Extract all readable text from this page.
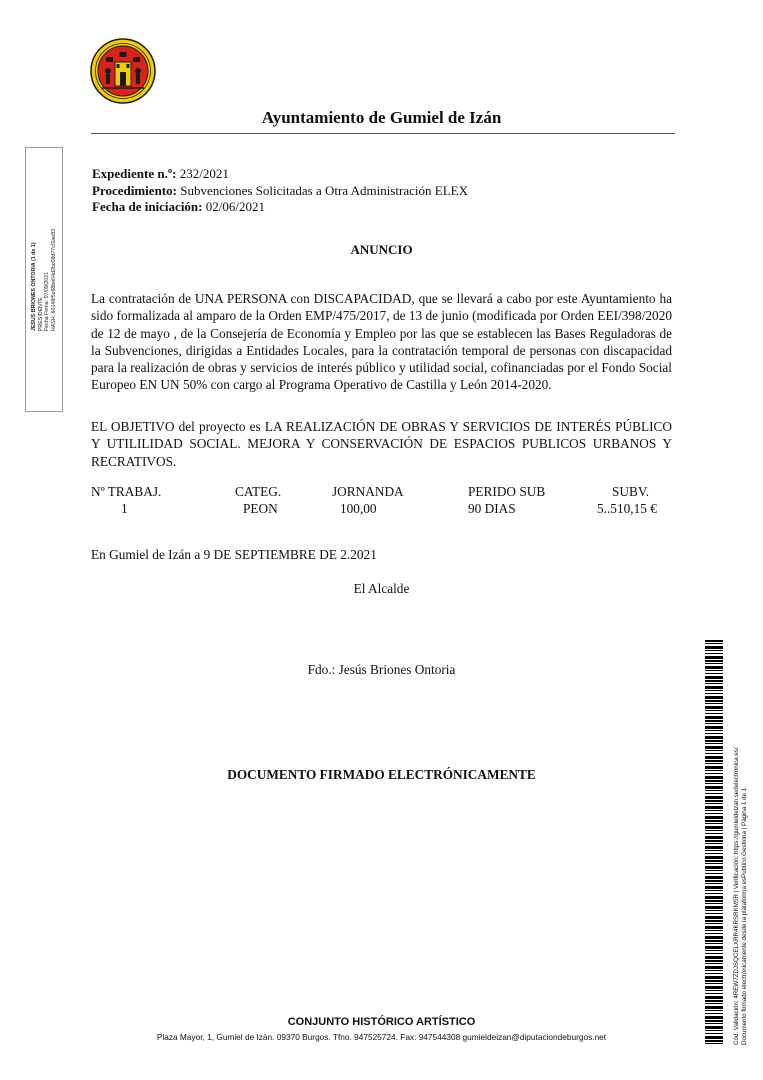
Ayuntamiento de Gumiel de Izán
JESUS BRIONES ONTORIA (1 de 1)
PRESIDENTE
Fecha Firma: 07/09/2021
HASH: 60148f5c68be04d2bc08d77cf2ae83
Expediente n.º: 232/2021
Procedimiento: Subvenciones Solicitadas a Otra Administración ELEX
Fecha de iniciación: 02/06/2021
ANUNCIO
La contratación de UNA PERSONA con DISCAPACIDAD, que se llevará a cabo por este Ayuntamiento ha sido formalizada al amparo de la Orden EMP/475/2017, de 13 de junio (modificada por Orden EEI/398/2020 de 12 de mayo , de la Consejería de Economía y Empleo por las que se establecen las Bases Reguladoras de la Subvenciones, dirigidas a Entidades Locales, para la contratación temporal de personas con discapacidad para la realización de obras y servicios de interés público y utilidad social, cofinanciadas por el Fondo Social Europeo EN UN 50% con cargo al Programa Operativo de Castilla y León 2014-2020.
EL OBJETIVO del proyecto es LA REALIZACIÓN DE OBRAS Y SERVICIOS DE INTERÉS PÚBLICO Y UTILILIDAD SOCIAL. MEJORA Y CONSERVACIÓN DE ESPACIOS PUBLICOS URBANOS Y RECRATIVOS.
Nº TRABAJ.	CATEG.	JORNANDA	PERIDO SUB	SUBV.
1	PEON	100,00	90 DIAS	5..510,15 €
En Gumiel de Izán a 9 DE SEPTIEMBRE DE 2.2021
El Alcalde
Fdo.: Jesús Briones Ontoria
DOCUMENTO FIRMADO ELECTRÓNICAMENTE
CONJUNTO HISTÓRICO ARTÍSTICO
Plaza Mayor, 1, Gumiel de Izán. 09370 Burgos. Tfno. 947525724. Fax: 947544308 gumieldeizan@diputaciondeburgos.net	Cód. Validación: 4REW7ZDJSQCELXRR4KRSRKM5R | Verificación: https://gumieldeizan.sedelectronica.es/ Documento firmado electrónicamente desde la plataforma esPublico Gestiona | Página 1 de 1
